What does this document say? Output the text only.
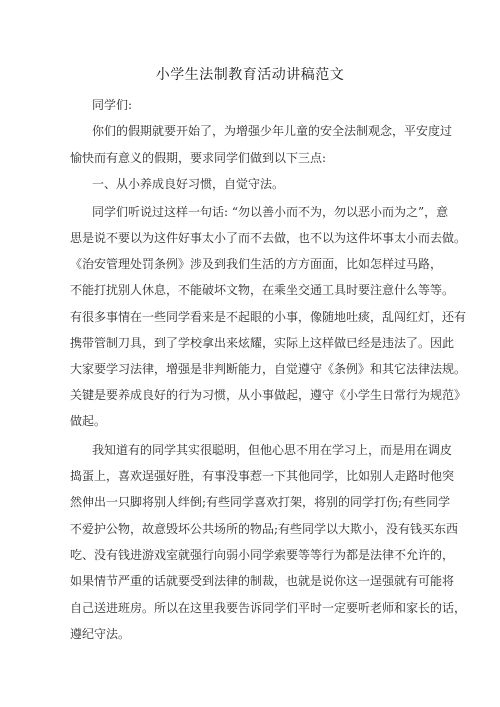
小学生法制教育活动讲稿范文

同学们:

你们的假期就要开始了，为增强少年儿童的安全法制观念，平安度过

愉快而有意义的假期，要求同学们做到以下三点:

一、从小养成良好习惯，自觉守法。

同学们听说过这样一句话: “勿以善小而不为，勿以恶小而为之”，意

思是说不要以为这件好事太小了而不去做，也不以为这件坏事太小而去做。

《治安管理处罚条例》涉及到我们生活的方方面面，比如怎样过马路，

不能打扰别人休息，不能破坏文物，在乘坐交通工具时要注意什么等等。

有很多事情在一些同学看来是不起眼的小事，像随地吐痰，乱闯红灯，还有

携带管制刀具，到了学校拿出来炫耀，实际上这样做已经是违法了。因此

大家要学习法律，增强是非判断能力，自觉遵守《条例》和其它法律法规。

关键是要养成良好的行为习惯，从小事做起，遵守《小学生日常行为规范》

做起。

我知道有的同学其实很聪明，但他心思不用在学习上，而是用在调皮

捣蛋上，喜欢逞强好胜，有事没事惹一下其他同学，比如别人走路时他突

然伸出一只脚将别人绊倒;有些同学喜欢打架，将别的同学打伤;有些同学

不爱护公物，故意毁坏公共场所的物品;有些同学以大欺小，没有钱买东西

吃、没有钱进游戏室就强行向弱小同学索要等等行为都是法律不允许的，

如果情节严重的话就要受到法律的制裁，也就是说你这一逞强就有可能将

自己送进班房。所以在这里我要告诉同学们平时一定要听老师和家长的话，

遵纪守法。
